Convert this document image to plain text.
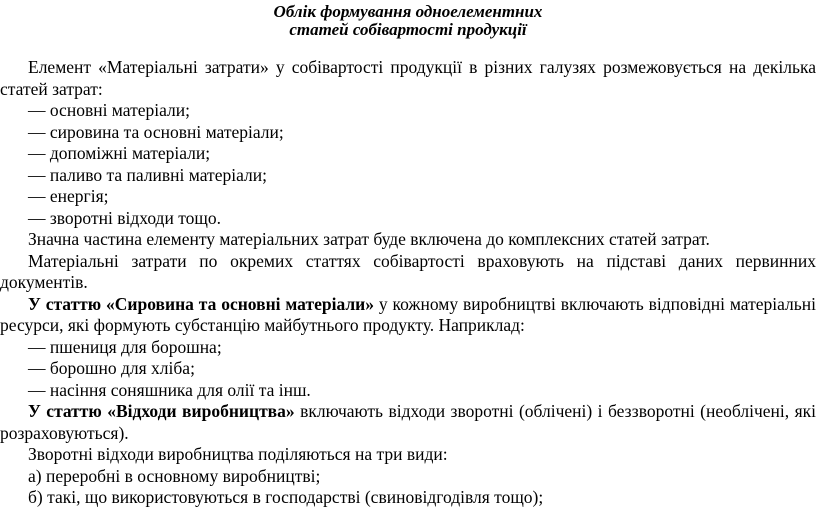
Облік формування одноелементних
статей собівартості продукції

Елемент «Матеріальні затрати» у собівартості продукції в різних галузях розмежовується на декілька статей затрат:

— основні матеріали;

— сировина та основні матеріали;

— допоміжні матеріали;

— паливо та паливні матеріали;

— енергія;

— зворотні відходи тощо.

Значна частина елементу матеріальних затрат буде включена до комплексних статей затрат.

Матеріальні затрати по окремих статтях собівартості враховують на підставі даних первинних документів.

У статтю «Сировина та основні матеріали» у кожному виробництві включають відповідні матеріальні ресурси, які формують субстанцію майбутнього продукту. Наприклад:

— пшениця для борошна;

— борошно для хліба;

— насіння соняшника для олії та інш.

У статтю «Відходи виробництва» включають відходи зворотні (облічені) і беззворотні (необлічені, які розраховуються).

Зворотні відходи виробництва поділяються на три види:

а) переробні в основному виробництві;

б) такі, що використовуються в господарстві (свиновідгодівля тощо);
